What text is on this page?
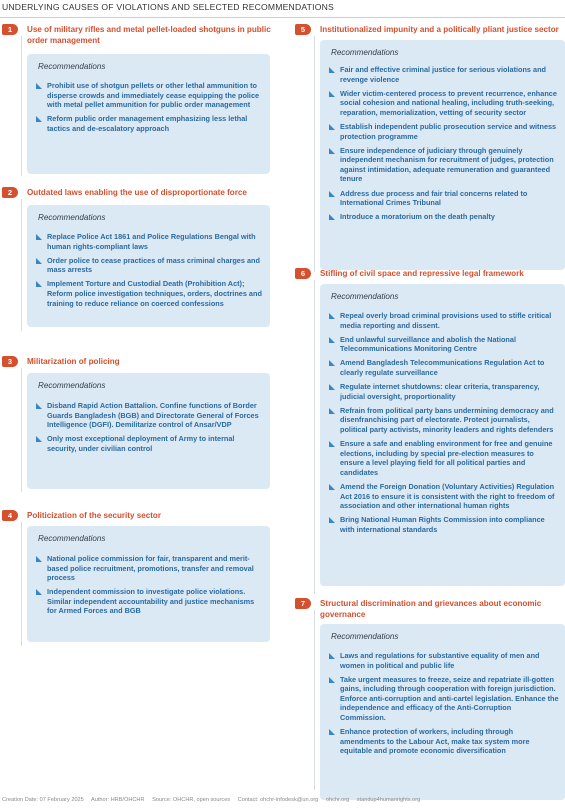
UNDERLYING CAUSES OF VIOLATIONS AND SELECTED RECOMMENDATIONS
1	Use of military rifles and metal pellet-loaded shotguns in public order management
Recommendations
Prohibit use of shotgun pellets or other lethal ammunition to disperse crowds and immediately cease equipping the police with metal pellet ammunition for public order management
Reform public order management emphasizing less lethal tactics and de-escalatory approach
2	Outdated laws enabling the use of disproportionate force
Recommendations
Replace Police Act 1861 and Police Regulations Bengal with human rights-compliant laws
Order police to cease practices of mass criminal charges and mass arrests
Implement Torture and Custodial Death (Prohibition Act); Reform police investigation techniques, orders, doctrines and training to reduce reliance on coerced confessions
3	Militarization of policing
Recommendations
Disband Rapid Action Battalion. Confine functions of Border Guards Bangladesh (BGB) and Directorate General of Forces Intelligence (DGFI). Demilitarize control of Ansar/VDP
Only most exceptional deployment of Army to internal security, under civilian control
4	Politicization of the security sector
Recommendations
National police commission for fair, transparent and merit-based police recruitment, promotions, transfer and removal process
Independent commission to investigate police violations. Similar independent accountability and justice mechanisms for Armed Forces and BGB
5	Institutionalized impunity and a politically pliant justice sector
Recommendations
Fair and effective criminal justice for serious violations and revenge violence
Wider victim-centered process to prevent recurrence, enhance social cohesion and national healing, including truth-seeking, reparation, memorialization, vetting of security sector
Establish independent public prosecution service and witness protection programme
Ensure independence of judiciary through genuinely independent mechanism for recruitment of judges, protection against intimidation, adequate remuneration and guaranteed tenure
Address due process and fair trial concerns related to International Crimes Tribunal
Introduce a moratorium on the death penalty
6	Stifling of civil space and repressive legal framework
Recommendations
Repeal overly broad criminal provisions used to stifle critical media reporting and dissent.
End unlawful surveillance and abolish the National Telecommunications Monitoring Centre
Amend Bangladesh Telecommunications Regulation Act to clearly regulate surveillance
Regulate internet shutdowns: clear criteria, transparency, judicial oversight, proportionality
Refrain from political party bans undermining democracy and disenfranchising part of electorate. Protect journalists, political party activists, minority leaders and rights defenders
Ensure a safe and enabling environment for free and genuine elections, including by special pre-election measures to ensure a level playing field for all political parties and candidates
Amend the Foreign Donation (Voluntary Activities) Regulation Act 2016 to ensure it is consistent with the right to freedom of association and other international human rights
Bring National Human Rights Commission into compliance with international standards
7	Structural discrimination and grievances about economic governance
Recommendations
Laws and regulations for substantive equality of men and women in political and public life
Take urgent measures to freeze, seize and repatriate ill-gotten gains, including through cooperation with foreign jurisdiction. Enforce anti-corruption and anti-cartel legislation. Enhance the independence and efficacy of the Anti-Corruption Commission.
Enhance protection of workers, including through amendments to the Labour Act, make tax system more equitable and promote economic diversification
Creation Date: 07 February 2025 Author: HRB/OHCHR Source: OHCHR, open sources Contact: ohchr-infodesk@un.org ohchr.org standup4humanrights.org
